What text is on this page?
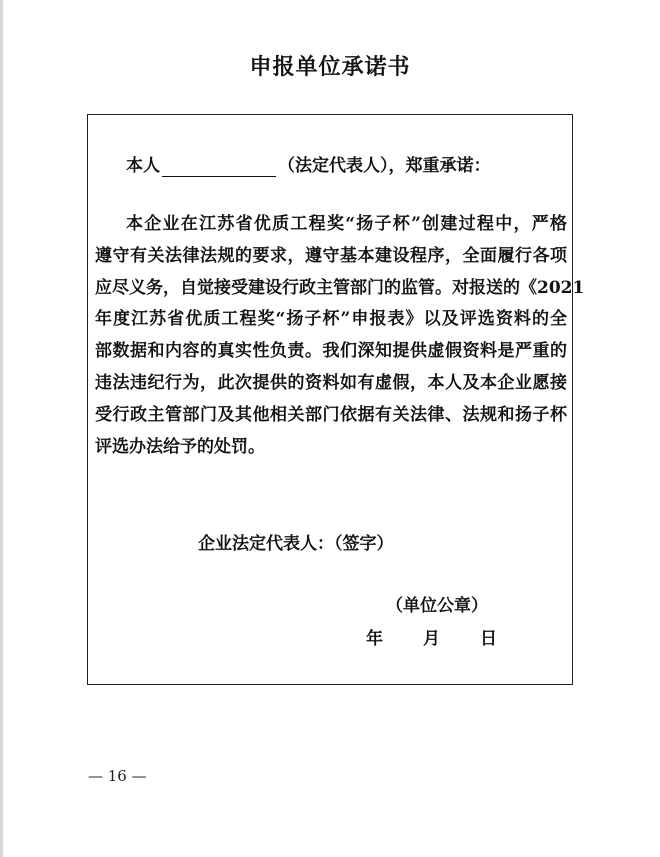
申报单位承诺书
本人	（法定代表人），郑重承诺：
本企业在江苏省优质工程奖“扬子杯”创建过程中，严格
遵守有关法律法规的要求，遵守基本建设程序，全面履行各项
应尽义务，自觉接受建设行政主管部门的监管。对报送的《2021
年度江苏省优质工程奖“扬子杯”申报表》以及评选资料的全
部数据和内容的真实性负责。我们深知提供虚假资料是严重的
违法违纪行为，此次提供的资料如有虚假，本人及本企业愿接
受行政主管部门及其他相关部门依据有关法律、法规和扬子杯
评选办法给予的处罚。
企业法定代表人：（签字）
（单位公章）
年 月 日
— 16 —
